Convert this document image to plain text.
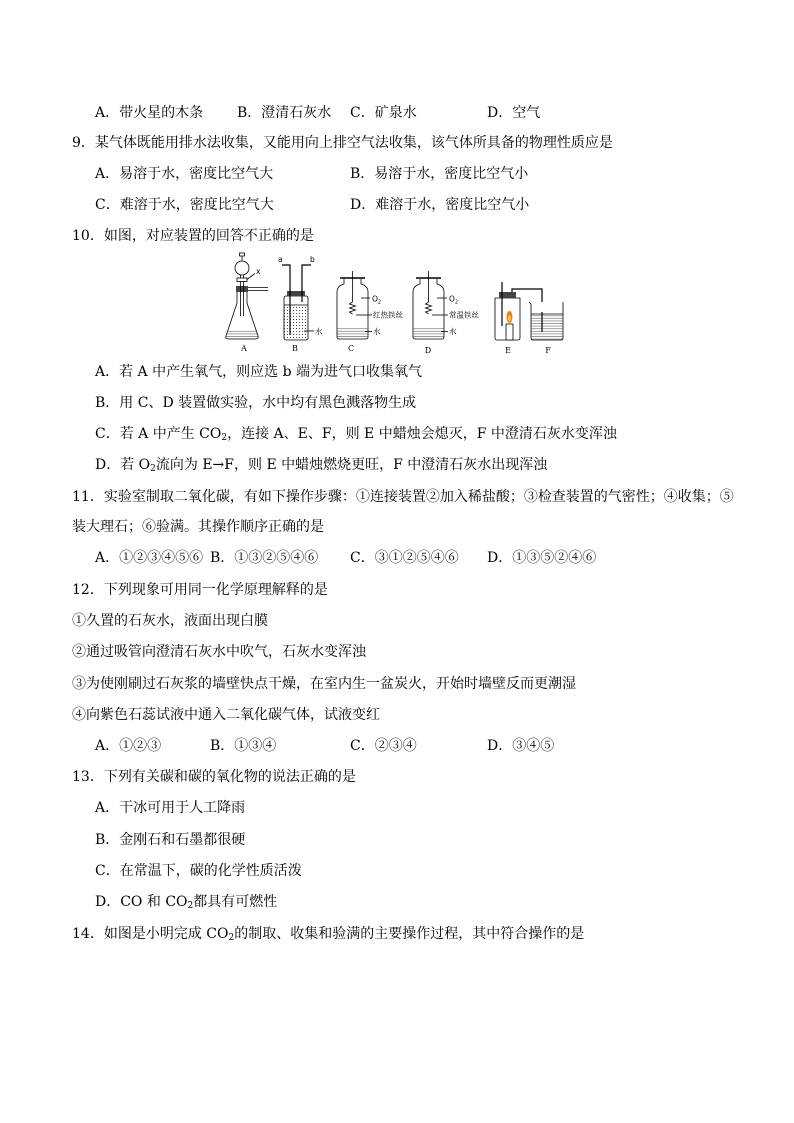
A．带火星的木条 B．澄清石灰水 C．矿泉水	D．空气
9．某气体既能用排水法收集，又能用向上排空气法收集，该气体所具备的物理性质应是
A．易溶于水，密度比空气大	B．易溶于水，密度比空气小
C．难溶于水，密度比空气大	D．难溶于水，密度比空气小
10．如图，对应装置的回答不正确的是
x
A
a	b
水
B
$O_2$
红热铁丝
水
C
$O_2$
常温铁丝
水
D	E	F
A．若 A 中产生氧气，则应选 b 端为进气口收集氧气
B．用 C、D 装置做实验，水中均有黑色溅落物生成
C．若 A 中产生 $CO_2$，连接 A、E、F，则 E 中蜡烛会熄灭，F 中澄清石灰水变浑浊
D．若 $O_2$流向为 E→F，则 E 中蜡烛燃烧更旺，F 中澄清石灰水出现浑浊
11．实验室制取二氧化碳，有如下操作步骤：①连接装置②加入稀盐酸；③检查装置的气密性；④收集；⑤
装大理石；⑥验满。其操作顺序正确的是
A．①②③④⑤⑥ B．①③②⑤④⑥ C．③①②⑤④⑥ D．①③⑤②④⑥
12．下列现象可用同一化学原理解释的是
①久置的石灰水，液面出现白膜
②通过吸管向澄清石灰水中吹气，石灰水变浑浊
③为使刚刷过石灰浆的墙壁快点干燥，在室内生一盆炭火，开始时墙壁反而更潮湿
④向紫色石蕊试液中通入二氧化碳气体，试液变红
A．①②③	B．①③④	C．②③④	D．③④⑤
13．下列有关碳和碳的氧化物的说法正确的是
A．干冰可用于人工降雨
B．金刚石和石墨都很硬
C．在常温下，碳的化学性质活泼
D．CO 和 $CO_2$都具有可燃性
14．如图是小明完成 $CO_2$的制取、收集和验满的主要操作过程，其中符合操作的是
